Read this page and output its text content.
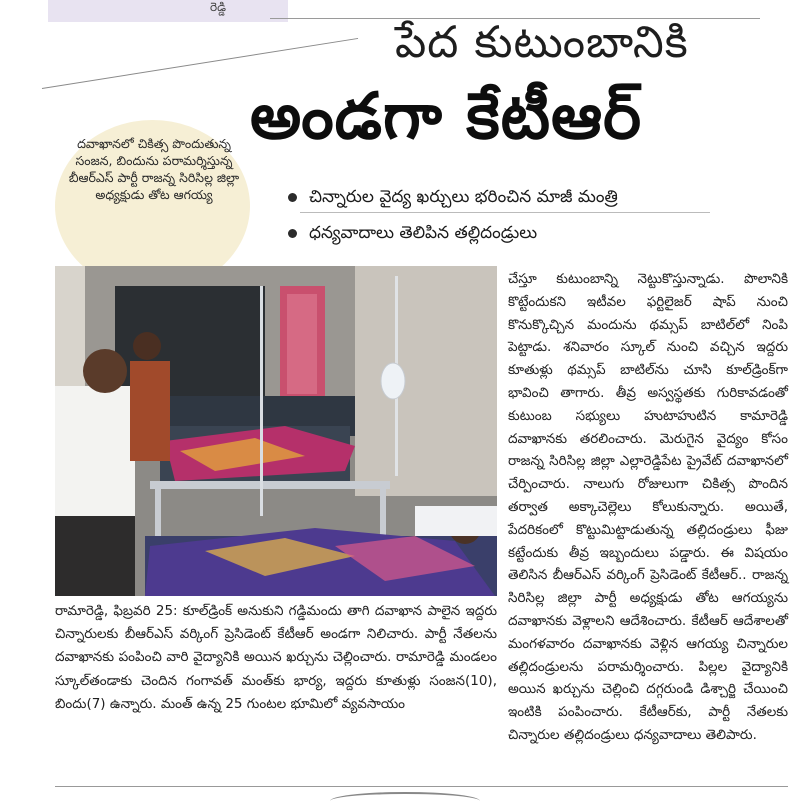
రెడ్డి
పేద కుటుంబానికి
అండగా కేటీఆర్
దవాఖానలో చికిత్స పొందుతున్న సంజన, బిందును పరామర్శిస్తున్న బీఆర్ఎస్ పార్టీ రాజన్న సిరిసిల్ల జిల్లా అధ్యక్షుడు తోట ఆగయ్య	చిన్నారుల వైద్య ఖర్చులు భరించిన మాజీ మంత్రి
ధన్యవాదాలు తెలిపిన తల్లిదండ్రులు

చేస్తూ కుటుంబాన్ని నెట్టుకొస్తున్నాడు. పొలానికి కొట్టేందుకని ఇటీవల ఫర్టిలైజర్ షాప్ నుంచి కొనుక్కొచ్చిన మందును థమ్సప్ బాటిల్‌లో నింపి పెట్టాడు. శనివారం స్కూల్ నుంచి వచ్చిన ఇద్దరు కూతుళ్లు థమ్సప్ బాటిల్‌ను చూసి కూల్‌డ్రింక్‌గా భావించి తాగారు. తీవ్ర అస్వస్థతకు గురికావడంతో కుటుంబ సభ్యులు హుటాహుటిన కామారెడ్డి దవాఖానకు తరలించారు. మెరుగైన వైద్యం కోసం రాజన్న సిరిసిల్ల జిల్లా ఎల్లారెడ్డిపేట ప్రైవేట్ దవాఖానలో చేర్పించారు. నాలుగు రోజులుగా చికిత్స పొందిన తర్వాత అక్కాచెల్లెలు కోలుకున్నారు. అయితే, పేదరికంలో కొట్టుమిట్టాడుతున్న తల్లిదండ్రులు ఫీజు కట్టేందుకు తీవ్ర ఇబ్బందులు పడ్డారు. ఈ విషయం తెలిసిన బీఆర్ఎస్ వర్కింగ్ ప్రెసిడెంట్ కేటీఆర్.. రాజన్న సిరిసిల్ల జిల్లా పార్టీ అధ్యక్షుడు తోట ఆగయ్యను దవాఖానకు వెళ్లాలని ఆదేశించారు. కేటీఆర్ ఆదేశాలతో మంగళవారం దవాఖానకు వెళ్లిన ఆగయ్య చిన్నారుల తల్లిదండ్రులను పరామర్శించారు. పిల్లల వైద్యానికి అయిన ఖర్చును చెల్లించి దగ్గరుండి డిశ్చార్జి చేయించి ఇంటికి పంపించారు. కేటీఆర్‌కు, పార్టీ నేతలకు చిన్నారుల తల్లిదండ్రులు ధన్యవాదాలు తెలిపారు.

రామారెడ్డి, ఫిబ్రవరి 25: కూల్‌డ్రింక్ అనుకుని గడ్డిమందు తాగి దవాఖాన పాలైన ఇద్దరు చిన్నారులకు బీఆర్ఎస్ వర్కింగ్ ప్రెసిడెంట్ కేటీఆర్ అండగా నిలిచారు. పార్టీ నేతలను దవాఖానకు పంపించి వారి వైద్యానికి అయిన ఖర్చును చెల్లించారు. రామారెడ్డి మండలం స్కూల్‌తండాకు చెందిన గంగావత్ మంత్‌కు భార్య, ఇద్దరు కూతుళ్లు సంజన(10), బిందు(7) ఉన్నారు. మంత్ ఉన్న 25 గుంటల భూమిలో వ్యవసాయం
